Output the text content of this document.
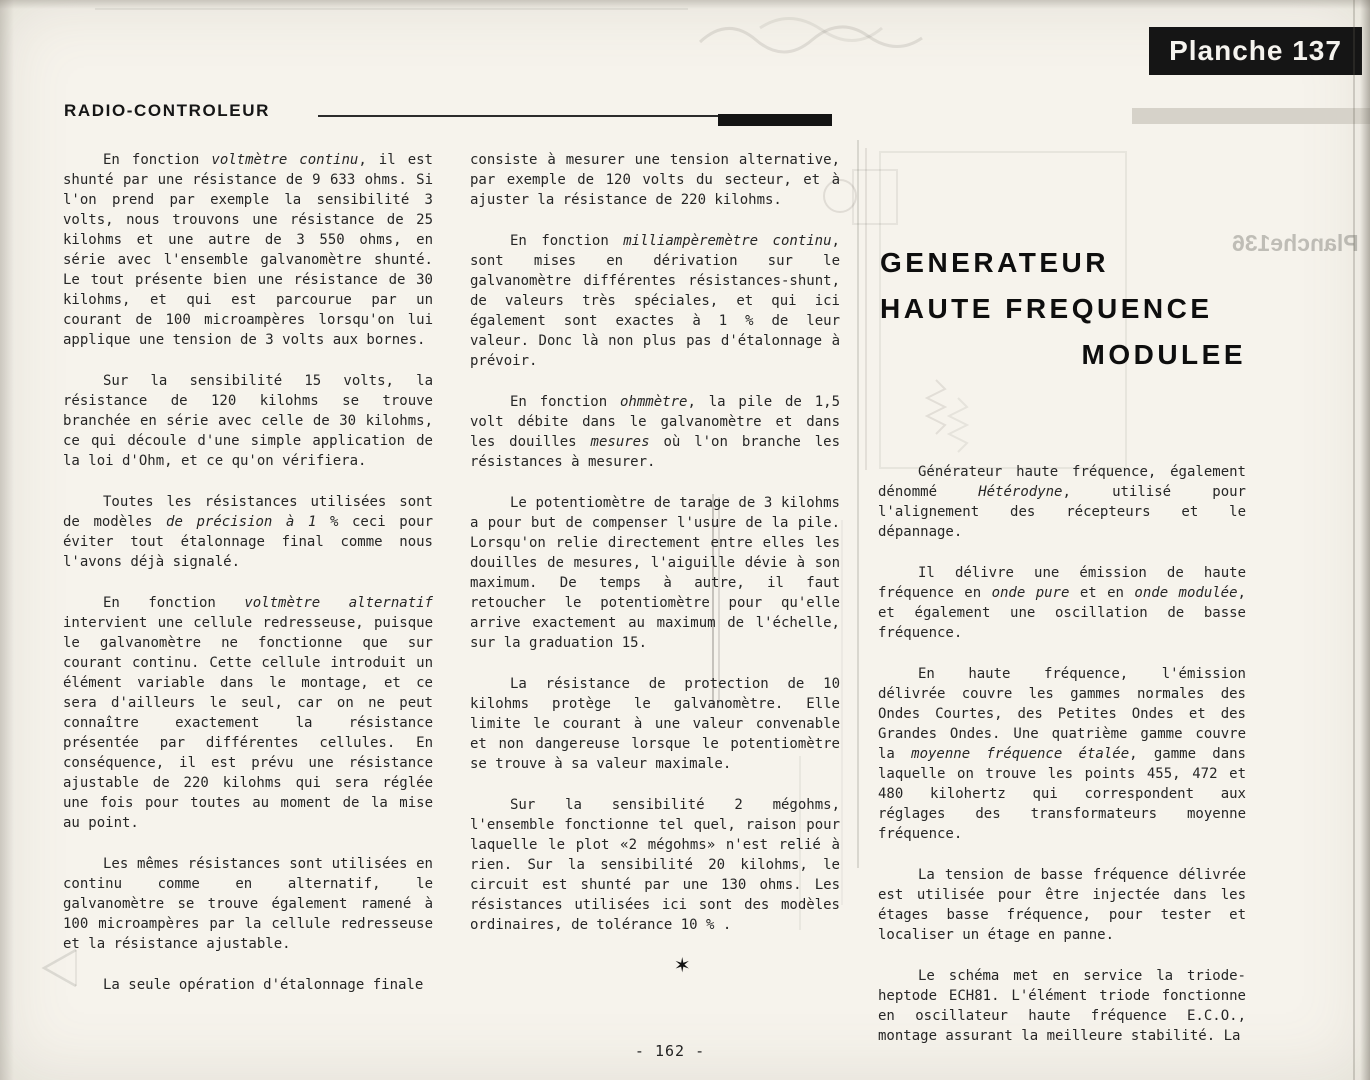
Planche136
Planche 137
RADIO-CONTROLEUR

En fonction voltmètre continu, il est shunté par une résistance de 9 633 ohms. Si l'on prend par exemple la sensibilité 3 volts, nous trouvons une résistance de 25 kilohms et une autre de 3 550 ohms, en série avec l'ensemble galvanomètre shunté. Le tout présente bien une résistance de 30 kilohms, et qui est parcourue par un courant de 100 microampères lorsqu'on lui applique une tension de 3 volts aux bornes.

Sur la sensibilité 15 volts, la résistance de 120 kilohms se trouve branchée en série avec celle de 30 kilohms, ce qui découle d'une simple application de la loi d'Ohm, et ce qu'on vérifiera.

Toutes les résistances utilisées sont de modèles de précision à 1 % ceci pour éviter tout étalonnage final comme nous l'avons déjà signalé.

En fonction voltmètre alternatif intervient une cellule redresseuse, puisque le galvanomètre ne fonctionne que sur courant continu. Cette cellule introduit un élément variable dans le montage, et ce sera d'ailleurs le seul, car on ne peut connaître exactement la résistance présentée par différentes cellules. En conséquence, il est prévu une résistance ajustable de 220 kilohms qui sera réglée une fois pour toutes au moment de la mise au point.

Les mêmes résistances sont utilisées en continu comme en alternatif, le galvanomètre se trouve également ramené à 100 microampères par la cellule redresseuse et la résistance ajustable.

La seule opération d'étalonnage finale

consiste à mesurer une tension alternative, par exemple de 120 volts du secteur, et à ajuster la résistance de 220 kilohms.

En fonction milliampèremètre continu, sont mises en dérivation sur le galvanomètre différentes résistances-shunt, de valeurs très spéciales, et qui ici également sont exactes à 1 % de leur valeur. Donc là non plus pas d'étalonnage à prévoir.

En fonction ohmmètre, la pile de 1,5 volt débite dans le galvanomètre et dans les douilles mesures où l'on branche les résistances à mesurer.

Le potentiomètre de tarage de 3 kilohms a pour but de compenser l'usure de la pile. Lorsqu'on relie directement entre elles les douilles de mesures, l'aiguille dévie à son maximum. De temps à autre, il faut retoucher le potentiomètre pour qu'elle arrive exactement au maximum de l'échelle, sur la graduation 15.

La résistance de protection de 10 kilohms protège le galvanomètre. Elle limite le courant à une valeur convenable et non dangereuse lorsque le potentiomètre se trouve à sa valeur maximale.

Sur la sensibilité 2 mégohms, l'ensemble fonctionne tel quel, raison pour laquelle le plot «2 mégohms» n'est relié à rien. Sur la sensibilité 20 kilohms, le circuit est shunté par une 130 ohms. Les résistances utilisées ici sont des modèles ordinaires, de tolérance 10 % .

GENERATEUR
HAUTE FREQUENCE
MODULEE

Générateur haute fréquence, également dénommé Hétérodyne, utilisé pour l'alignement des récepteurs et le dépannage.

Il délivre une émission de haute fréquence en onde pure et en onde modulée, et également une oscillation de basse fréquence.

En haute fréquence, l'émission délivrée couvre les gammes normales des Ondes Courtes, des Petites Ondes et des Grandes Ondes. Une quatrième gamme couvre la moyenne fréquence étalée, gamme dans laquelle on trouve les points 455, 472 et 480 kilohertz qui correspondent aux réglages des transformateurs moyenne fréquence.

La tension de basse fréquence délivrée est utilisée pour être injectée dans les étages basse fréquence, pour tester et localiser un étage en panne.

Le schéma met en service la triode-heptode ECH81. L'élément triode fonctionne en oscillateur haute fréquence E.C.O., montage assurant la meilleure stabilité. La

✶
- 162 -
